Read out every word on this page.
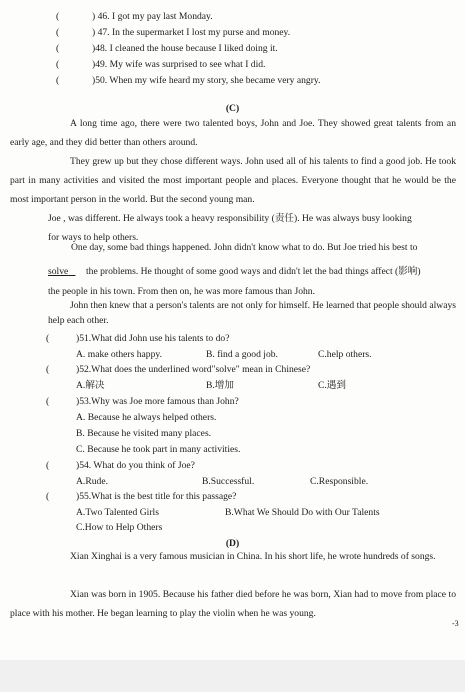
(	) 46. I got my pay last Monday.
(	) 47. In the supermarket I lost my purse and money.
(	)48. I cleaned the house because I liked doing it.
(	)49. My wife was surprised to see what I did.
(	)50. When my wife heard my story, she became very angry.
(C)
A long time ago, there were two talented boys, John and Joe. They showed great talents from an early age, and they did better than others around.
They grew up but they chose different ways. John used all of his talents to find a good job. He took part in many activities and visited the most important people and places. Everyone thought that he would be the most important person in the world. But the second young man.
Joe , was different. He always took a heavy responsibility (责任). He was always busy looking
for ways to help others.
One day, some bad things happened. John didn't know what to do. But Joe tried his best to
solve	the problems. He thought of some good ways and didn't let the bad things affect (影响)
the people in his town. From then on, he was more famous than John.
John then knew that a person's talents are not only for himself. He learned that people should always help each other.
(	)51.What did John use his talents to do?
A. make others happy.	B. find a good job.	C.help others.
(	)52.What does the underlined word"solve" mean in Chinese?
A.解决	B.增加	C.遇到
(	)53.Why was Joe more famous than John?
A. Because he always helped others.
B. Because he visited many places.
C. Because he took part in many activities.
(	)54. What do you think of Joe?
A.Rude.	B.Successful.	C.Responsible.
(	)55.What is the best title for this passage?
A.Two Talented Girls	B.What We Should Do with Our Talents
C.How to Help Others
(D)
Xian Xinghai is a very famous musician in China. In his short life, he wrote hundreds of songs.
Xian was born in 1905. Because his father died before he was born, Xian had to move from place to place with his mother. He began learning to play the violin when he was young.
-3
